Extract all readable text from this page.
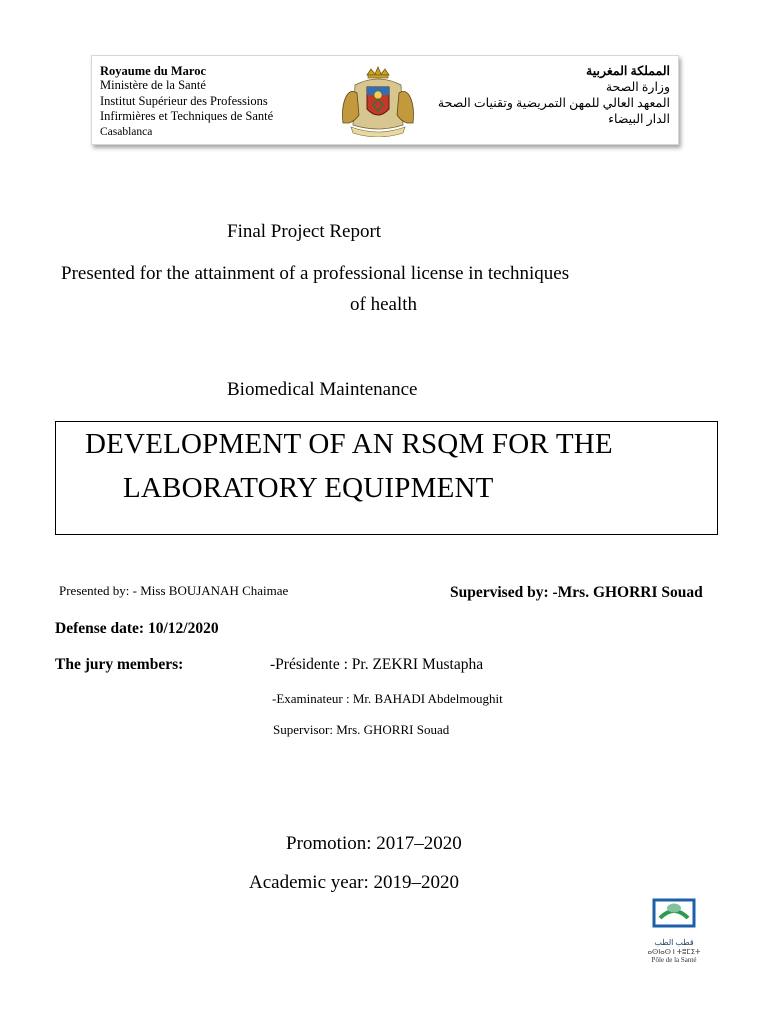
Royaume du Maroc
Ministère de la Santé
Institut Supérieur des Professions
Infirmières et Techniques de Santé
Casablanca
المملكة المغربية
وزارة الصحة
المعهد العالي للمهن التمريضية وتقنيات الصحة
الدار البيضاء
Final Project Report
Presented for the attainment of a professional license in techniques
of health
Biomedical Maintenance
DEVELOPMENT OF AN RSQM FOR THE
LABORATORY EQUIPMENT
Presented by: - Miss BOUJANAH Chaimae	Supervised by: -Mrs. GHORRI Souad
Defense date: 10/12/2020
The jury members:	-Présidente : Pr. ZEKRI Mustapha
-Examinateur : Mr. BAHADI Abdelmoughit
Supervisor: Mrs. GHORRI Souad
Promotion: 2017–2020
Academic year: 2019–2020
قطب الطب
ⴰⵙⵏⴰⵙ ⵏ ⵜⵓⵎⵉⵜ
Pôle de la Santé
